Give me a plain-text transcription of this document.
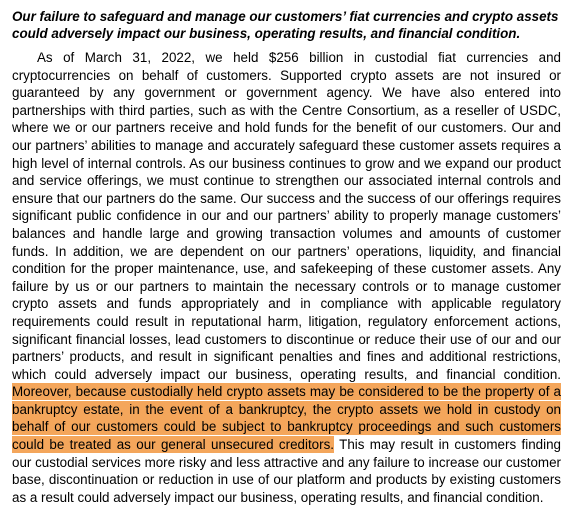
Our failure to safeguard and manage our customers’ fiat currencies and crypto assets could adversely impact our business, operating results, and financial condition.

As of March 31, 2022, we held $256 billion in custodial fiat currencies and cryptocurrencies on behalf of customers. Supported crypto assets are not insured or guaranteed by any government or government agency. We have also entered into partnerships with third parties, such as with the Centre Consortium, as a reseller of USDC, where we or our partners receive and hold funds for the benefit of our customers. Our and our partners’ abilities to manage and accurately safeguard these customer assets requires a high level of internal controls. As our business continues to grow and we expand our product and service offerings, we must continue to strengthen our associated internal controls and ensure that our partners do the same. Our success and the success of our offerings requires significant public confidence in our and our partners’ ability to properly manage customers’ balances and handle large and growing transaction volumes and amounts of customer funds. In addition, we are dependent on our partners’ operations, liquidity, and financial condition for the proper maintenance, use, and safekeeping of these customer assets. Any failure by us or our partners to maintain the necessary controls or to manage customer crypto assets and funds appropriately and in compliance with applicable regulatory requirements could result in reputational harm, litigation, regulatory enforcement actions, significant financial losses, lead customers to discontinue or reduce their use of our and our partners’ products, and result in significant penalties and fines and additional restrictions, which could adversely impact our business, operating results, and financial condition. Moreover, because custodially held crypto assets may be considered to be the property of a bankruptcy estate, in the event of a bankruptcy, the crypto assets we hold in custody on behalf of our customers could be subject to bankruptcy proceedings and such customers could be treated as our general unsecured creditors. This may result in customers finding our custodial services more risky and less attractive and any failure to increase our customer base, discontinuation or reduction in use of our platform and products by existing customers as a result could adversely impact our business, operating results, and financial condition.
